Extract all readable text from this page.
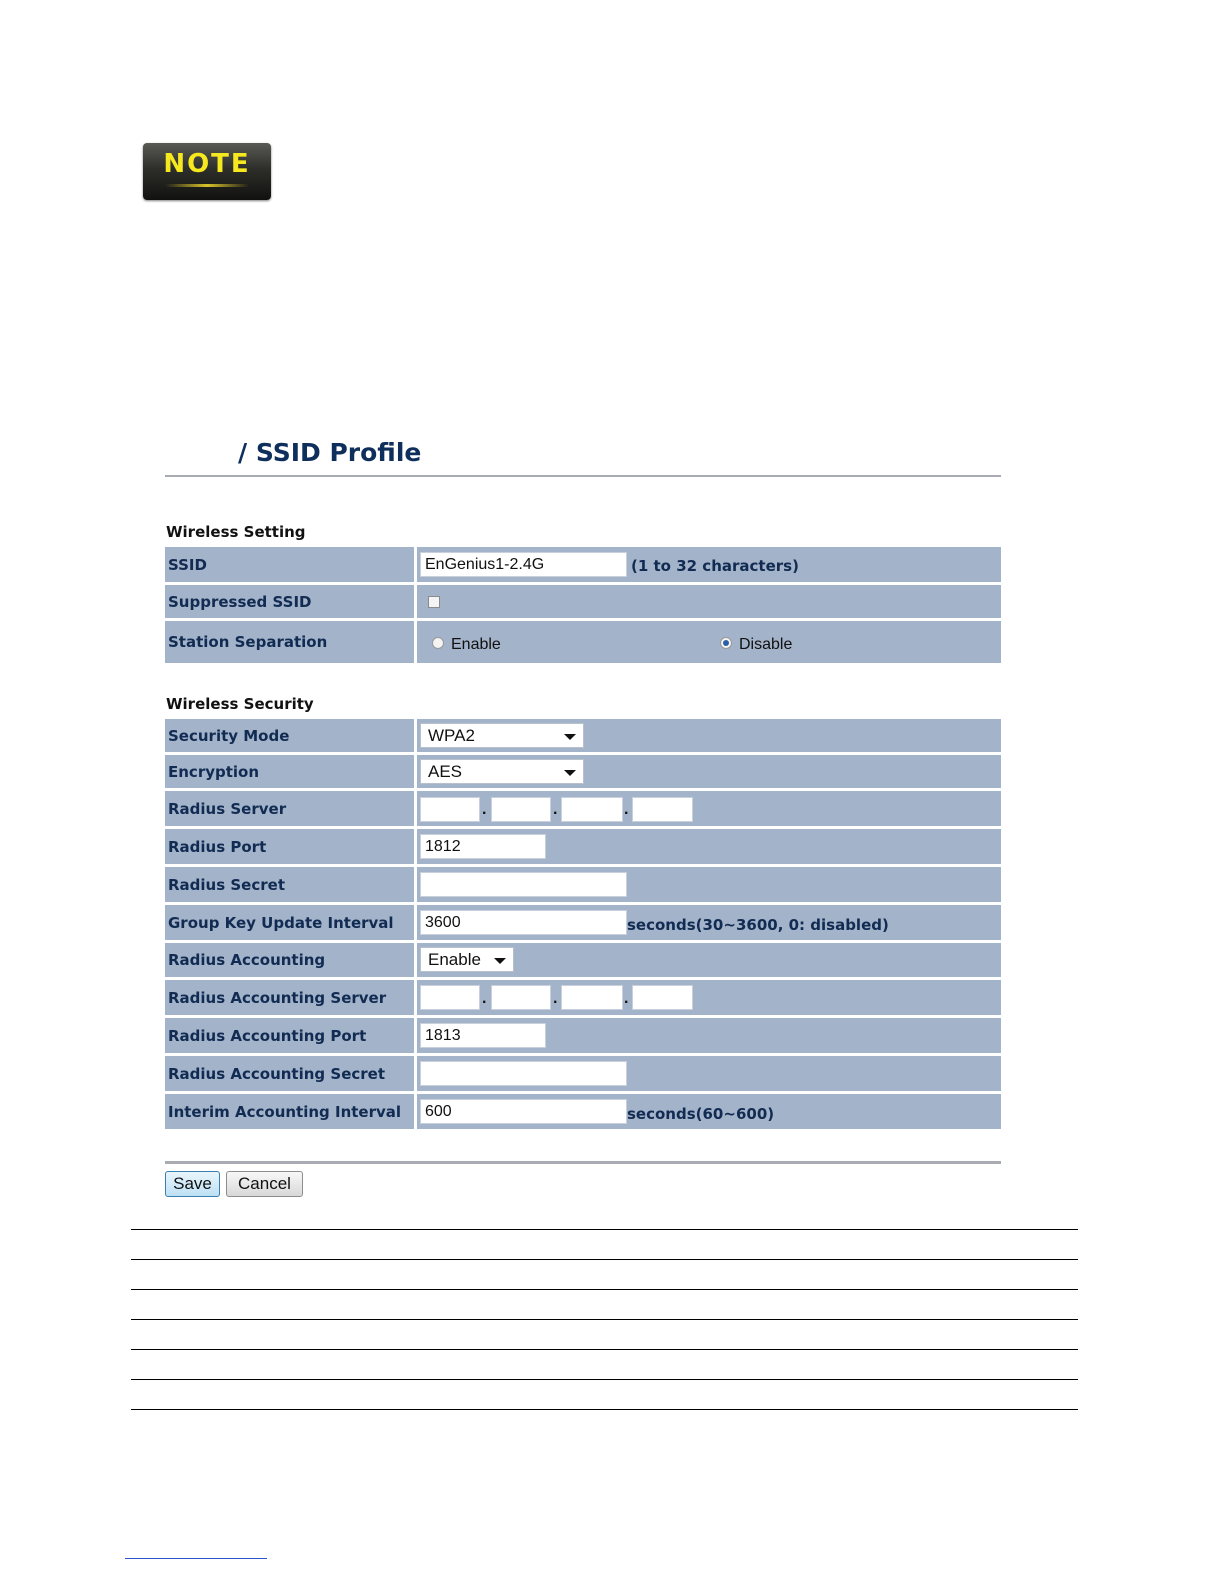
NOTE
/ SSID Profile
Wireless Setting
SSID	EnGenius1-2.4G	(1 to 32 characters)
Suppressed SSID
Station Separation	Enable	Disable
Wireless Security
Security Mode	WPA2
Encryption	AES
Radius Server	.	.	.
Radius Port	1812
Radius Secret
Group Key Update Interval	3600	seconds(30~3600, 0: disabled)
Radius Accounting	Enable
Radius Accounting Server	.	.	.
Radius Accounting Port	1813
Radius Accounting Secret
Interim Accounting Interval	600	seconds(60~600)
Save	Cancel
